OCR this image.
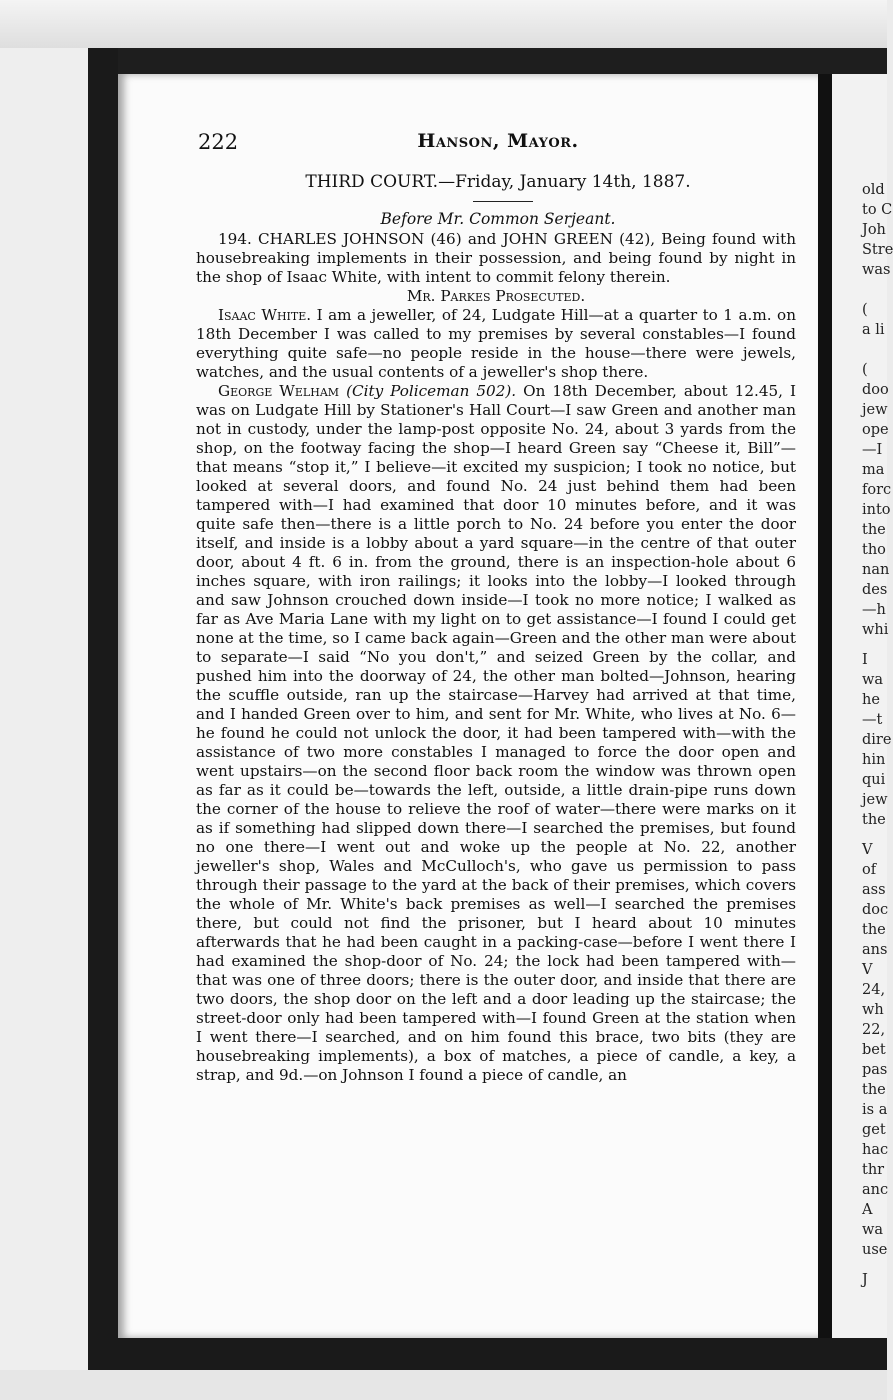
222	Hanson, Mayor.
THIRD COURT.—Friday, January 14th, 1887.
Before Mr. Common Serjeant.

194. CHARLES JOHNSON (46) and JOHN GREEN (42), Being found with housebreaking implements in their possession, and being found by night in the shop of Isaac White, with intent to commit felony therein.

Mr. Parkes Prosecuted.

Isaac White. I am a jeweller, of 24, Ludgate Hill—at a quarter to 1 a.m. on 18th December I was called to my premises by several constables—I found everything quite safe—no people reside in the house—there were jewels, watches, and the usual contents of a jeweller's shop there.

George Welham (City Policeman 502). On 18th December, about 12.45, I was on Ludgate Hill by Stationer's Hall Court—I saw Green and another man not in custody, under the lamp-post opposite No. 24, about 3 yards from the shop, on the footway facing the shop—I heard Green say “Cheese it, Bill”—that means “stop it,” I believe—it excited my suspicion; I took no notice, but looked at several doors, and found No. 24 just behind them had been tampered with—I had examined that door 10 minutes before, and it was quite safe then—there is a little porch to No. 24 before you enter the door itself, and inside is a lobby about a yard square—in the centre of that outer door, about 4 ft. 6 in. from the ground, there is an inspection-hole about 6 inches square, with iron railings; it looks into the lobby—I looked through and saw Johnson crouched down inside—I took no more notice; I walked as far as Ave Maria Lane with my light on to get assistance—I found I could get none at the time, so I came back again—Green and the other man were about to separate—I said “No you don't,” and seized Green by the collar, and pushed him into the doorway of 24, the other man bolted—Johnson, hearing the scuffle outside, ran up the staircase—Harvey had arrived at that time, and I handed Green over to him, and sent for Mr. White, who lives at No. 6—he found he could not unlock the door, it had been tampered with—with the assistance of two more constables I managed to force the door open and went upstairs—on the second floor back room the window was thrown open as far as it could be—towards the left, outside, a little drain-pipe runs down the corner of the house to relieve the roof of water—there were marks on it as if something had slipped down there—I searched the premises, but found no one there—I went out and woke up the people at No. 22, another jeweller's shop, Wales and McCulloch's, who gave us permission to pass through their passage to the yard at the back of their premises, which covers the whole of Mr. White's back premises as well—I searched the premises there, but could not find the prisoner, but I heard about 10 minutes afterwards that he had been caught in a packing-case—before I went there I had examined the shop-door of No. 24; the lock had been tampered with—that was one of three doors; there is the outer door, and inside that there are two doors, the shop door on the left and a door leading up the staircase; the street-door only had been tampered with—I found Green at the station when I went there—I searched, and on him found this brace, two bits (they are housebreaking implements), a box of matches, a piece of candle, a key, a strap, and 9d.—on Johnson I found a piece of candle, an

old
to C
Joh
Stre
was
(
a li
(
doo
jew
ope
—I
ma
forc
into
the
tho
nan
des
—h
whi
I
wa
he
—t
dire
hin
qui
jew
the
V
of
ass
doc
the
ans
V
24,
wh
22,
bet
pas
the
is a
get
hac
thr
anc
A
wa
use
J
